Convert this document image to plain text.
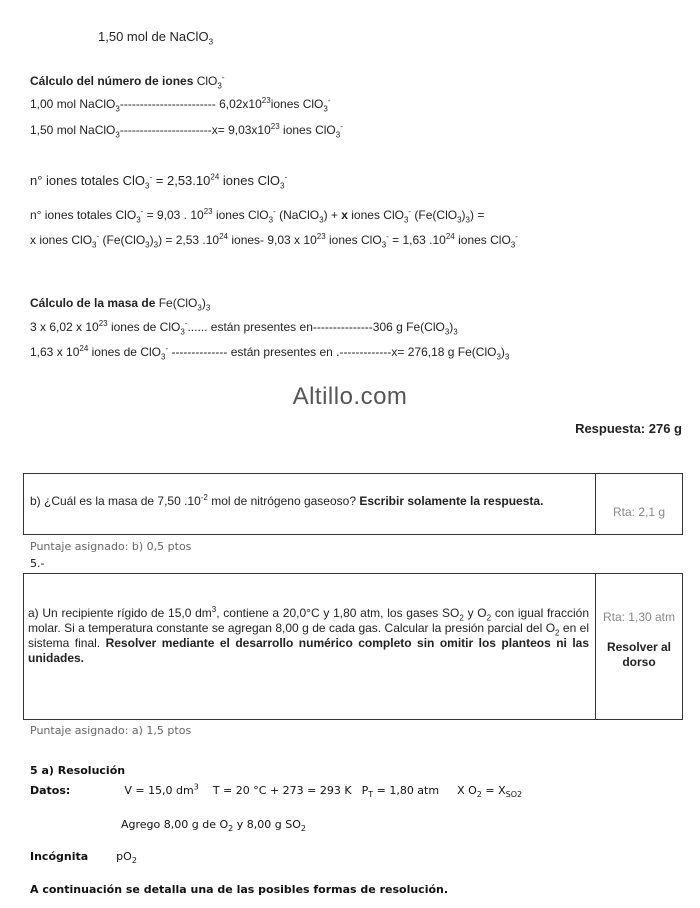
1,50 mol de NaClO$_3$
Cálculo del número de iones ClO$_3$-
1,00 mol NaClO$_3$------------------------ $6,02x10^{23}iones$ ClO$_3$-
1,50 mol NaClO$_3$-----------------------x= $9,03x10^{23}$ iones ClO$_3$-
n° iones totales $ClO_3^- = 2,53.10^{24}$ iones ClO$_3$-
n° iones totales ClO$_3$- = 9,03 . $10^{23}$ iones ClO$_3$- (NaClO$_3$) + x iones ClO$_3$- $(Fe(ClO_3)_3)$ =
x iones ClO$_3$- $(Fe(ClO_3)_3) = 2,53$ $.10^{24}$ iones- 9,03 x $10^{23}$ iones ClO$_3$- = 1,63 $.10^{24}$ iones ClO$_3$-
Cálculo de la masa de $Fe(ClO_3)_3$
3 x 6,02 x $10^{23}$ iones de ClO$_3$-...... están presentes en---------------306 g $Fe(ClO_3)_3$
1,63 x $10^{24}$ iones de ClO$_3$- -------------- están presentes en .-------------x= 276,18 g $Fe(ClO_3)_3$
Altillo.com
Respuesta: 276 g
b) ¿Cuál es la masa de 7,50 $.10^{-2}$ mol de nitrógeno gaseoso? Escribir solamente la respuesta.
Rta: 2,1 g
Puntaje asignado: b) 0,5 ptos
5.-
a) Un recipiente rígido de 15,0 $dm^3$, contiene a 20,0°C y 1,80 atm, los gases $SO_2$ y $O_2$ con igual fracción molar. Si a temperatura constante se agregan 8,00 g de cada gas. Calcular la presión parcial del $O_2$ en el sistema final. Resolver mediante el desarrollo numérico completo sin omitir los planteos ni las unidades.
Rta: 1,30 atm
Resolver al dorso
Puntaje asignado: a) 1,5 ptos
5 a) Resolución
Datos:	V = 15,0 $dm^3$ T = 20 °C + 273 = 293 K $P_T = 1,80$ atm X $O_2 = X_{SO2}$
Agrego 8,00 g de $O_2$ y 8,00 g $SO_2$
Incógnita	$pO_2$
A continuación se detalla una de las posibles formas de resolución.
